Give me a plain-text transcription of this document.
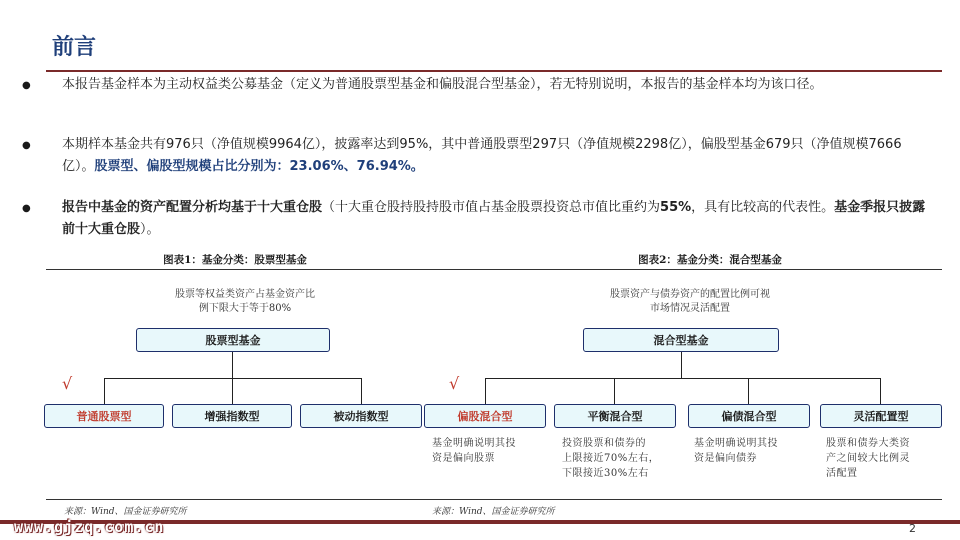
前言
● 本报告基金样本为主动权益类公募基金（定义为普通股票型基金和偏股混合型基金），若无特别说明，本报告的基金样本均为该口径。
● 本期样本基金共有976只（净值规模9964亿），披露率达到95%，其中普通股票型297只（净值规模2298亿），偏股型基金679只（净值规模7666亿）。股票型、偏股型规模占比分别为：23.06%、76.94%。
● 报告中基金的资产配置分析均基于十大重仓股（十大重仓股持股持股市值占基金股票投资总市值比重约为55%，具有比较高的代表性。基金季报只披露前十大重仓股）。
图表1：基金分类：股票型基金
股票等权益类资产占基金资产比
例下限大于等于80%
股票型基金
√
普通股票型	增强指数型	被动指数型
来源：Wind、国金证券研究所
图表2：基金分类：混合型基金
股票资产与债券资产的配置比例可视
市场情况灵活配置
混合型基金
√
偏股混合型	平衡混合型	偏债混合型	灵活配置型
基金明确说明其投
资是偏向股票
投资股票和债券的
上限接近70%左右，
下限接近30%左右
基金明确说明其投
资是偏向债券
股票和债券大类资
产之间较大比例灵
活配置
来源：Wind、国金证券研究所
www.gjzq.com.cn	2
